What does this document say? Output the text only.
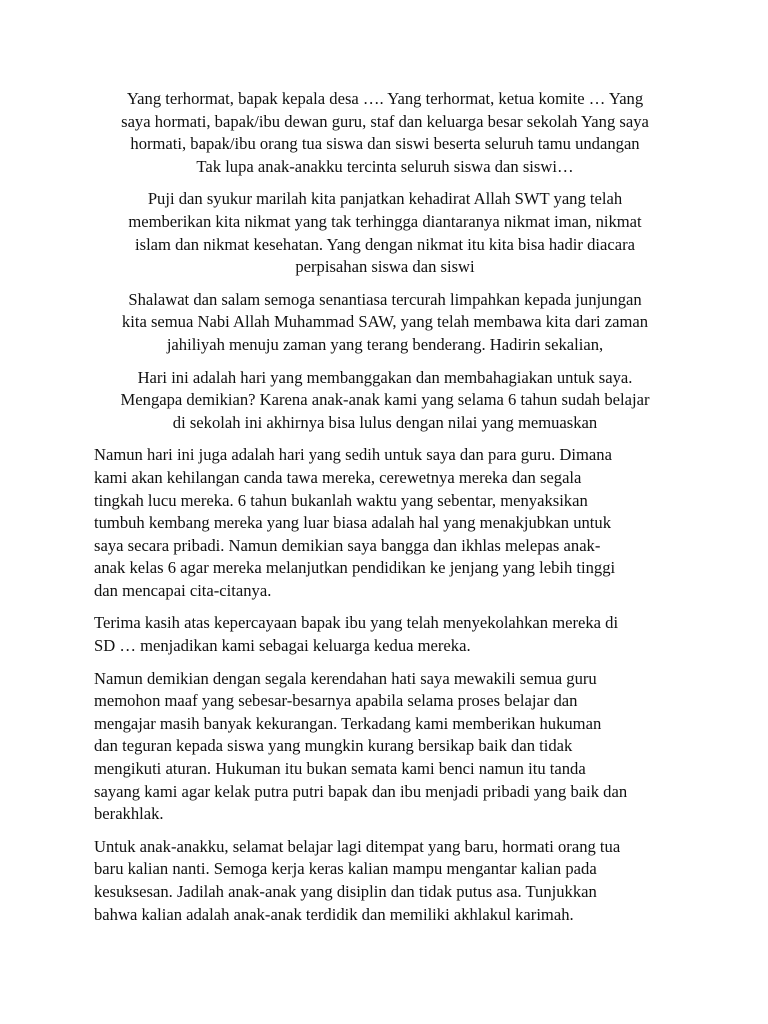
Yang terhormat, bapak kepala desa …. Yang terhormat, ketua komite … Yang
saya hormati, bapak/ibu dewan guru, staf dan keluarga besar sekolah Yang saya
hormati, bapak/ibu orang tua siswa dan siswi beserta seluruh tamu undangan
Tak lupa anak-anakku tercinta seluruh siswa dan siswi…

Puji dan syukur marilah kita panjatkan kehadirat Allah SWT yang telah
memberikan kita nikmat yang tak terhingga diantaranya nikmat iman, nikmat
islam dan nikmat kesehatan. Yang dengan nikmat itu kita bisa hadir diacara
perpisahan siswa dan siswi

Shalawat dan salam semoga senantiasa tercurah limpahkan kepada junjungan
kita semua Nabi Allah Muhammad SAW, yang telah membawa kita dari zaman
jahiliyah menuju zaman yang terang benderang. Hadirin sekalian,

Hari ini adalah hari yang membanggakan dan membahagiakan untuk saya.
Mengapa demikian? Karena anak-anak kami yang selama 6 tahun sudah belajar
di sekolah ini akhirnya bisa lulus dengan nilai yang memuaskan

Namun hari ini juga adalah hari yang sedih untuk saya dan para guru. Dimana
kami akan kehilangan canda tawa mereka, cerewetnya mereka dan segala
tingkah lucu mereka. 6 tahun bukanlah waktu yang sebentar, menyaksikan
tumbuh kembang mereka yang luar biasa adalah hal yang menakjubkan untuk
saya secara pribadi. Namun demikian saya bangga dan ikhlas melepas anak-
anak kelas 6 agar mereka melanjutkan pendidikan ke jenjang yang lebih tinggi
dan mencapai cita-citanya.

Terima kasih atas kepercayaan bapak ibu yang telah menyekolahkan mereka di
SD … menjadikan kami sebagai keluarga kedua mereka.

Namun demikian dengan segala kerendahan hati saya mewakili semua guru
memohon maaf yang sebesar-besarnya apabila selama proses belajar dan
mengajar masih banyak kekurangan. Terkadang kami memberikan hukuman
dan teguran kepada siswa yang mungkin kurang bersikap baik dan tidak
mengikuti aturan. Hukuman itu bukan semata kami benci namun itu tanda
sayang kami agar kelak putra putri bapak dan ibu menjadi pribadi yang baik dan
berakhlak.

Untuk anak-anakku, selamat belajar lagi ditempat yang baru, hormati orang tua
baru kalian nanti. Semoga kerja keras kalian mampu mengantar kalian pada
kesuksesan. Jadilah anak-anak yang disiplin dan tidak putus asa. Tunjukkan
bahwa kalian adalah anak-anak terdidik dan memiliki akhlakul karimah.
